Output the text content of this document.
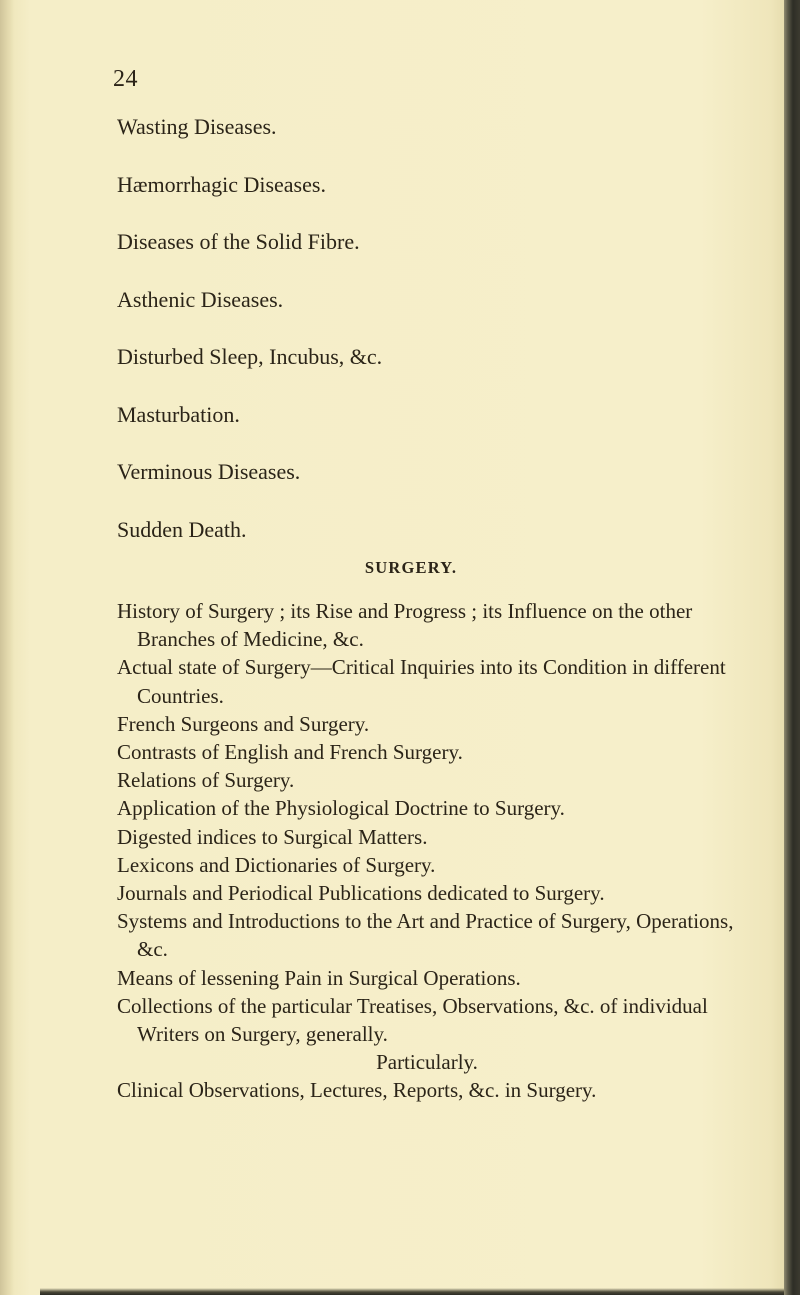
24
Wasting Diseases.
Hæmorrhagic Diseases.
Diseases of the Solid Fibre.
Asthenic Diseases.
Disturbed Sleep, Incubus, &c.
Masturbation.
Verminous Diseases.
Sudden Death.
SURGERY.
History of Surgery ; its Rise and Progress ; its Influence on the other Branches of Medicine, &c.
Actual state of Surgery—Critical Inquiries into its Condition in different Countries.
French Surgeons and Surgery.
Contrasts of English and French Surgery.
Relations of Surgery.
Application of the Physiological Doctrine to Surgery.
Digested indices to Surgical Matters.
Lexicons and Dictionaries of Surgery.
Journals and Periodical Publications dedicated to Surgery.
Systems and Introductions to the Art and Practice of Surgery, Operations, &c.
Means of lessening Pain in Surgical Operations.
Collections of the particular Treatises, Observations, &c. of individual Writers on Surgery, generally.
Particularly.
Clinical Observations, Lectures, Reports, &c. in Surgery.
